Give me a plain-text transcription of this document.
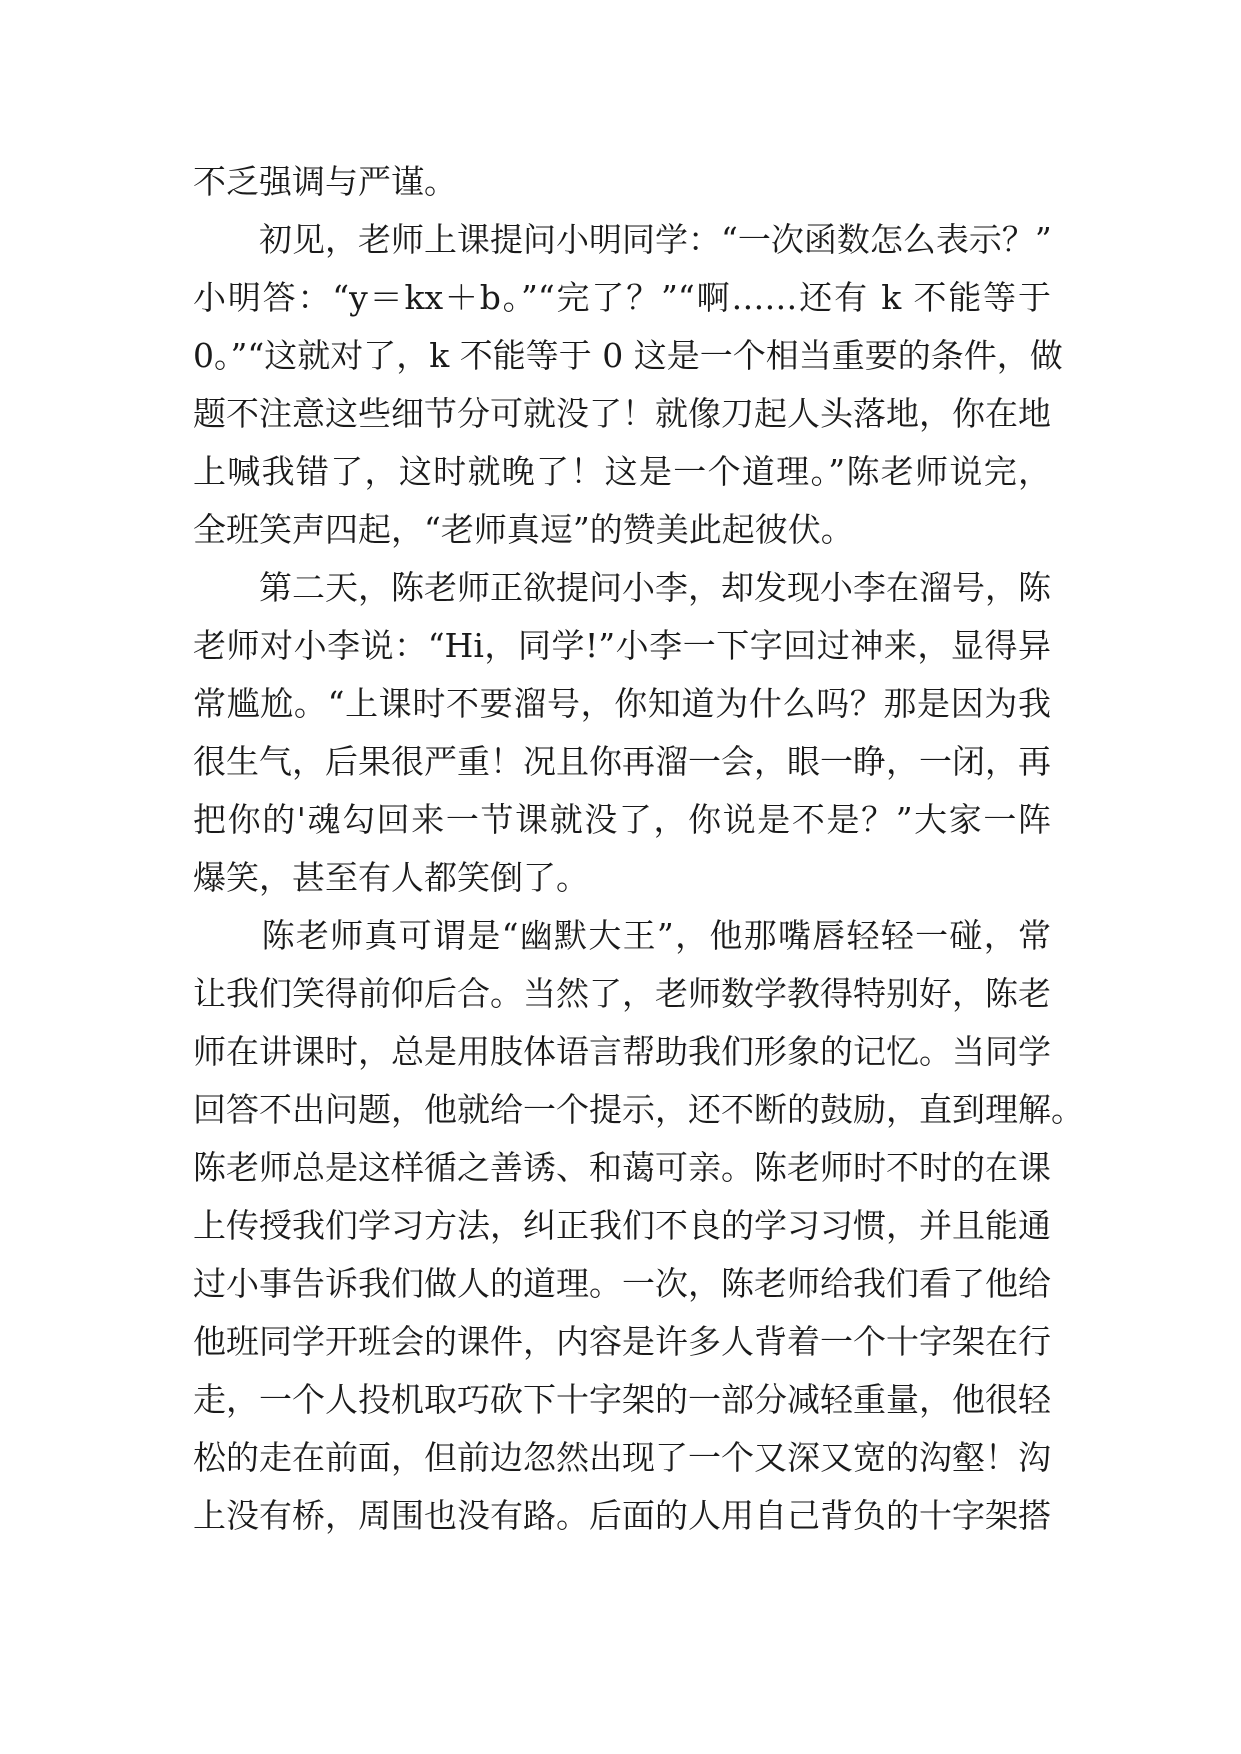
不乏强调与严谨。
　　初见，老师上课提问小明同学：“一次函数怎么表示？”
小明答：“y＝kx＋b。”“完了？”“啊……还有 k 不能等于
0。”“这就对了，k 不能等于 0 这是一个相当重要的条件，做
题不注意这些细节分可就没了！就像刀起人头落地，你在地
上喊我错了，这时就晚了！这是一个道理。”陈老师说完，
全班笑声四起，“老师真逗”的赞美此起彼伏。
　　第二天，陈老师正欲提问小李，却发现小李在溜号，陈
老师对小李说：“Hi，同学!”小李一下字回过神来，显得异
常尴尬。“上课时不要溜号，你知道为什么吗？那是因为我
很生气，后果很严重！况且你再溜一会，眼一睁，一闭，再
把你的'魂勾回来一节课就没了，你说是不是？”大家一阵
爆笑，甚至有人都笑倒了。
　　陈老师真可谓是“幽默大王”，他那嘴唇轻轻一碰，常
让我们笑得前仰后合。当然了，老师数学教得特别好，陈老
师在讲课时，总是用肢体语言帮助我们形象的记忆。当同学
回答不出问题，他就给一个提示，还不断的鼓励，直到理解。
陈老师总是这样循之善诱、和蔼可亲。陈老师时不时的在课
上传授我们学习方法，纠正我们不良的学习习惯，并且能通
过小事告诉我们做人的道理。一次，陈老师给我们看了他给
他班同学开班会的课件，内容是许多人背着一个十字架在行
走，一个人投机取巧砍下十字架的一部分减轻重量，他很轻
松的走在前面，但前边忽然出现了一个又深又宽的沟壑！沟
上没有桥，周围也没有路。后面的人用自己背负的十字架搭
